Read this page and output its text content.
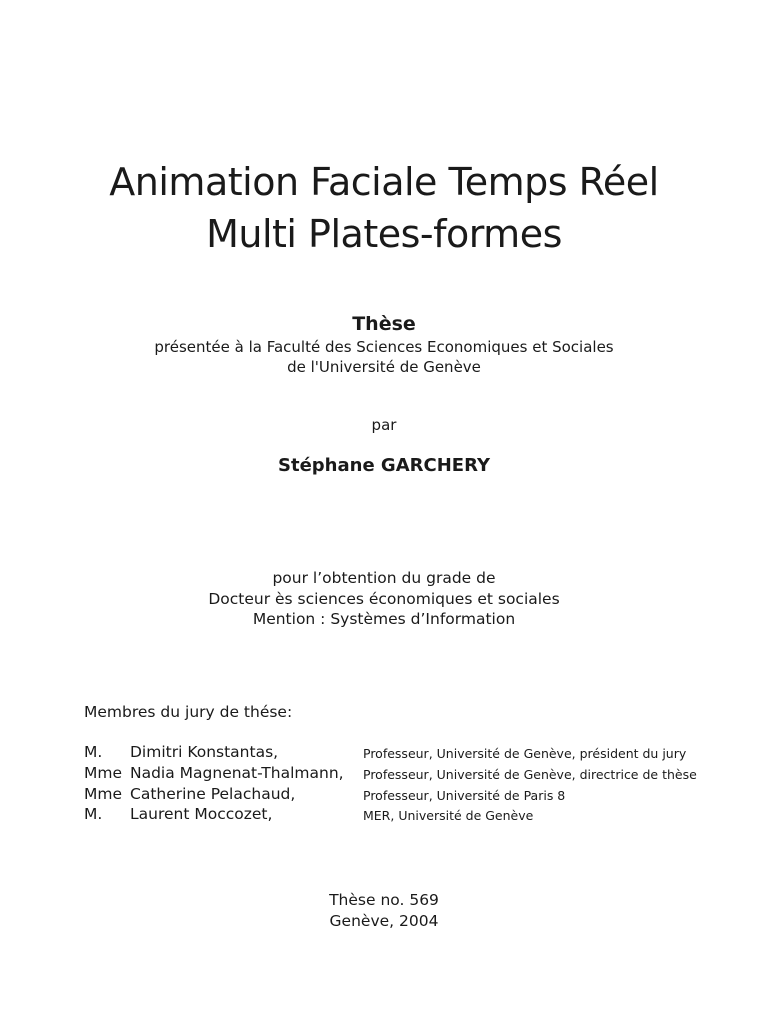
Animation Faciale Temps Réel
Multi Plates-formes
Thèse
présentée à la Faculté des Sciences Economiques et Sociales
de l'Université de Genève
par
Stéphane GARCHERY
pour l’obtention du grade de
Docteur ès sciences économiques et sociales
Mention : Systèmes d’Information
Membres du jury de thése:
M. Dimitri Konstantas,	Professeur, Université de Genève, président du jury
Mme Nadia Magnenat-Thalmann, Professeur, Université de Genève, directrice de thèse
Mme Catherine Pelachaud,	Professeur, Université de Paris 8
M. Laurent Moccozet,	MER, Université de Genève
Thèse no. 569
Genève, 2004
